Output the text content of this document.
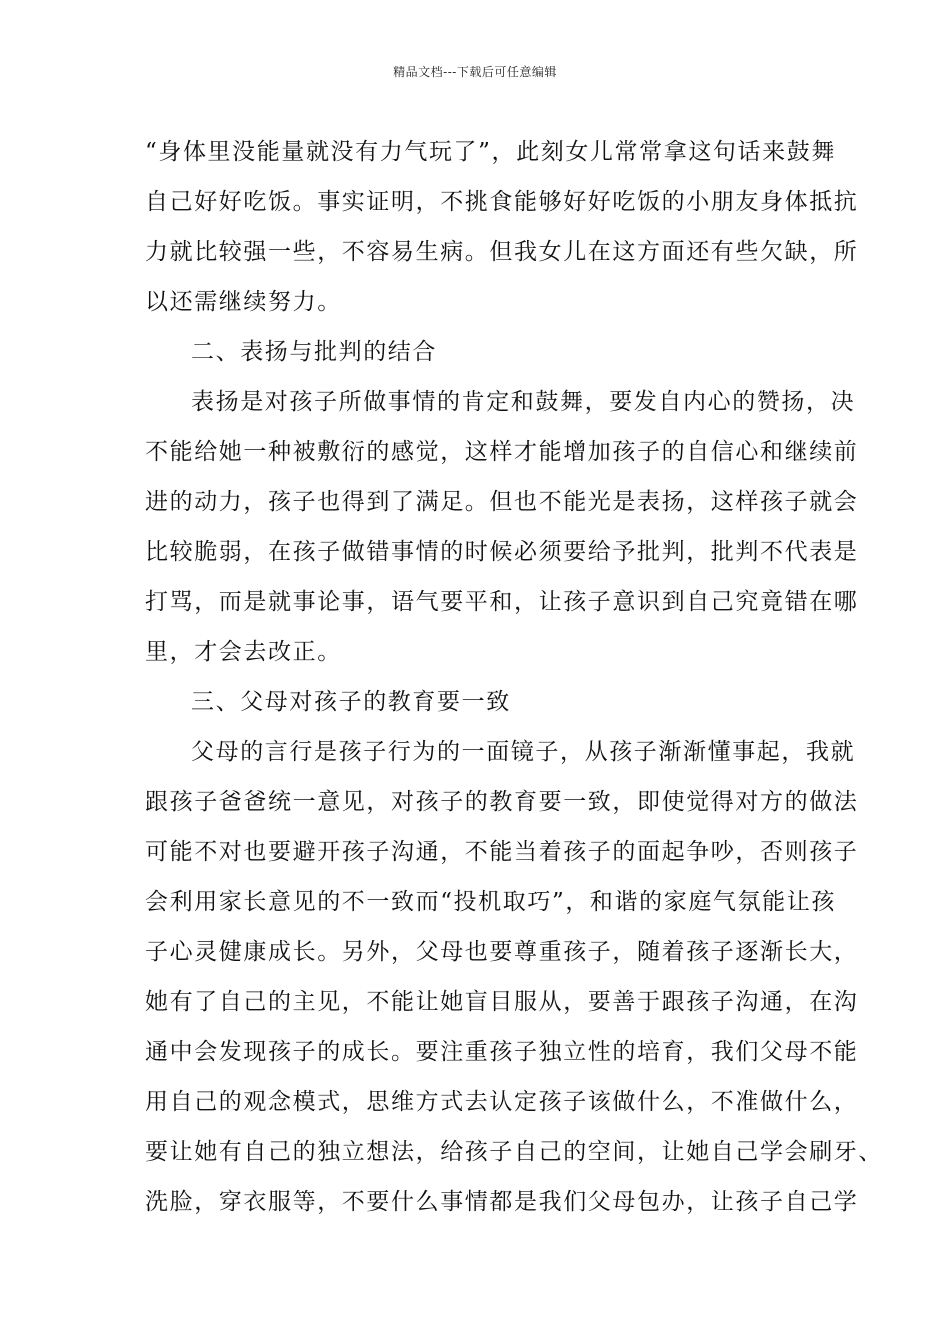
精品文档---下载后可任意编辑
“身体里没能量就没有力气玩了”，此刻女儿常常拿这句话来鼓舞
自己好好吃饭。事实证明，不挑食能够好好吃饭的小朋友身体抵抗
力就比较强一些，不容易生病。但我女儿在这方面还有些欠缺，所
以还需继续努力。
二、表扬与批判的结合
表扬是对孩子所做事情的肯定和鼓舞，要发自内心的赞扬，决
不能给她一种被敷衍的感觉，这样才能增加孩子的自信心和继续前
进的动力，孩子也得到了满足。但也不能光是表扬，这样孩子就会
比较脆弱，在孩子做错事情的时候必须要给予批判，批判不代表是
打骂，而是就事论事，语气要平和，让孩子意识到自己究竟错在哪
里，才会去改正。
三、父母对孩子的教育要一致
父母的言行是孩子行为的一面镜子，从孩子渐渐懂事起，我就
跟孩子爸爸统一意见，对孩子的教育要一致，即使觉得对方的做法
可能不对也要避开孩子沟通，不能当着孩子的面起争吵，否则孩子
会利用家长意见的不一致而“投机取巧”，和谐的家庭气氛能让孩
子心灵健康成长。另外，父母也要尊重孩子，随着孩子逐渐长大，
她有了自己的主见，不能让她盲目服从，要善于跟孩子沟通，在沟
通中会发现孩子的成长。要注重孩子独立性的培育，我们父母不能
用自己的观念模式，思维方式去认定孩子该做什么，不准做什么，
要让她有自己的独立想法，给孩子自己的空间，让她自己学会刷牙、
洗脸，穿衣服等，不要什么事情都是我们父母包办，让孩子自己学
